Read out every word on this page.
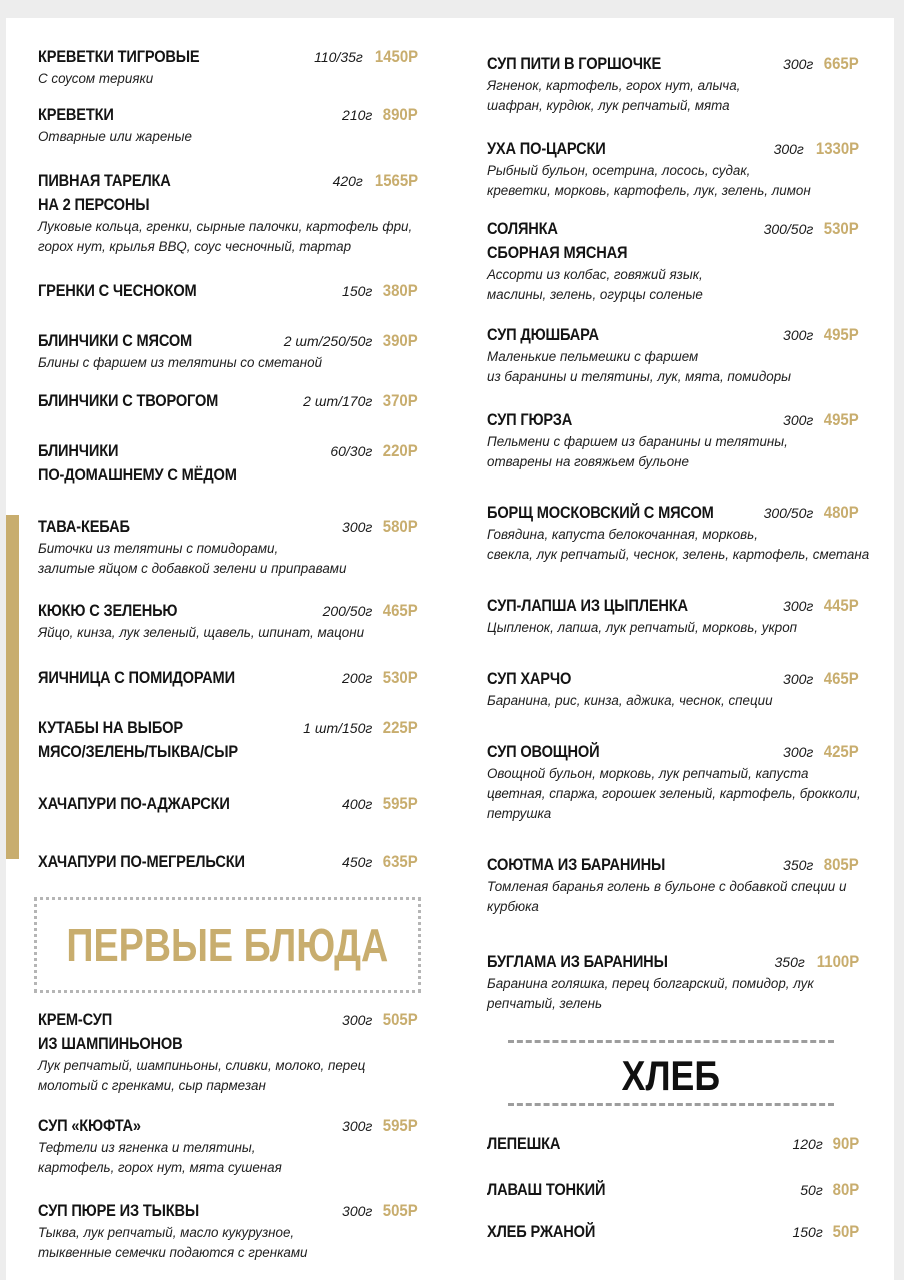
КРЕВЕТКИ ТИГРОВЫЕ	110/35г 1450Р
С соусом терияки
КРЕВЕТКИ	210г 890Р
Отварные или жареные
ПИВНАЯ ТАРЕЛКА	420г 1565Р
НА 2 ПЕРСОНЫ
Луковые кольца, гренки, сырные палочки, картофель фри,
горох нут, крылья BBQ, соус чесночный, тартар
ГРЕНКИ С ЧЕСНОКОМ	150г 380Р
БЛИНЧИКИ С МЯСОМ	2 шт/250/50г 390Р
Блины с фаршем из телятины со сметаной
БЛИНЧИКИ С ТВОРОГОМ	2 шт/170г 370Р
БЛИНЧИКИ	60/30г 220Р
ПО-ДОМАШНЕМУ С МЁДОМ
ТАВА-КЕБАБ	300г 580Р
Биточки из телятины с помидорами,
залитые яйцом с добавкой зелени и приправами
КЮКЮ С ЗЕЛЕНЬЮ	200/50г 465Р
Яйцо, кинза, лук зеленый, щавель, шпинат, мацони
ЯИЧНИЦА С ПОМИДОРАМИ	200г 530Р
КУТАБЫ НА ВЫБОР	1 шт/150г 225Р
МЯСО/ЗЕЛЕНЬ/ТЫКВА/СЫР
ХАЧАПУРИ ПО-АДЖАРСКИ	400г 595Р
ХАЧАПУРИ ПО-МЕГРЕЛЬСКИ	450г 635Р
КРЕМ-СУП	300г 505Р
ИЗ ШАМПИНЬОНОВ
Лук репчатый, шампиньоны, сливки, молоко, перец
молотый с гренками, сыр пармезан
СУП «КЮФТА»	300г 595Р
Тефтели из ягненка и телятины,
картофель, горох нут, мята сушеная
СУП ПЮРЕ ИЗ ТЫКВЫ	300г 505Р
Тыква, лук репчатый, масло кукурузное,
тыквенные семечки подаются с гренками
ПЕРВЫЕ БЛЮДА
СУП ПИТИ В ГОРШОЧКЕ	300г 665Р
Ягненок, картофель, горох нут, алыча,
шафран, курдюк, лук репчатый, мята
УХА ПО-ЦАРСКИ	300г 1330Р
Рыбный бульон, осетрина, лосось, судак,
креветки, морковь, картофель, лук, зелень, лимон
СОЛЯНКА	300/50г 530Р
СБОРНАЯ МЯСНАЯ
Ассорти из колбас, говяжий язык,
маслины, зелень, огурцы соленые
СУП ДЮШБАРА	300г 495Р
Маленькие пельмешки с фаршем
из баранины и телятины, лук, мята, помидоры
СУП ГЮРЗА	300г 495Р
Пельмени с фаршем из баранины и телятины,
отварены на говяжьем бульоне
БОРЩ МОСКОВСКИЙ С МЯСОМ	300/50г 480Р
Говядина, капуста белокочанная, морковь,
свекла, лук репчатый, чеснок, зелень, картофель, сметана
СУП-ЛАПША ИЗ ЦЫПЛЕНКА	300г 445Р
Цыпленок, лапша, лук репчатый, морковь, укроп
СУП ХАРЧО	300г 465Р
Баранина, рис, кинза, аджика, чеснок, специи
СУП ОВОЩНОЙ	300г 425Р
Овощной бульон, морковь, лук репчатый, капуста
цветная, спаржа, горошек зеленый, картофель, брокколи,
петрушка
СОЮТМА ИЗ БАРАНИНЫ	350г 805Р
Томленая баранья голень в бульоне с добавкой специи и
курбюка
БУГЛАМА ИЗ БАРАНИНЫ	350г 1100Р
Баранина голяшка, перец болгарский, помидор, лук
репчатый, зелень
ЛЕПЕШКА	120г 90Р
ЛАВАШ ТОНКИЙ	50г 80Р
ХЛЕБ РЖАНОЙ	150г 50Р
ХЛЕБ
